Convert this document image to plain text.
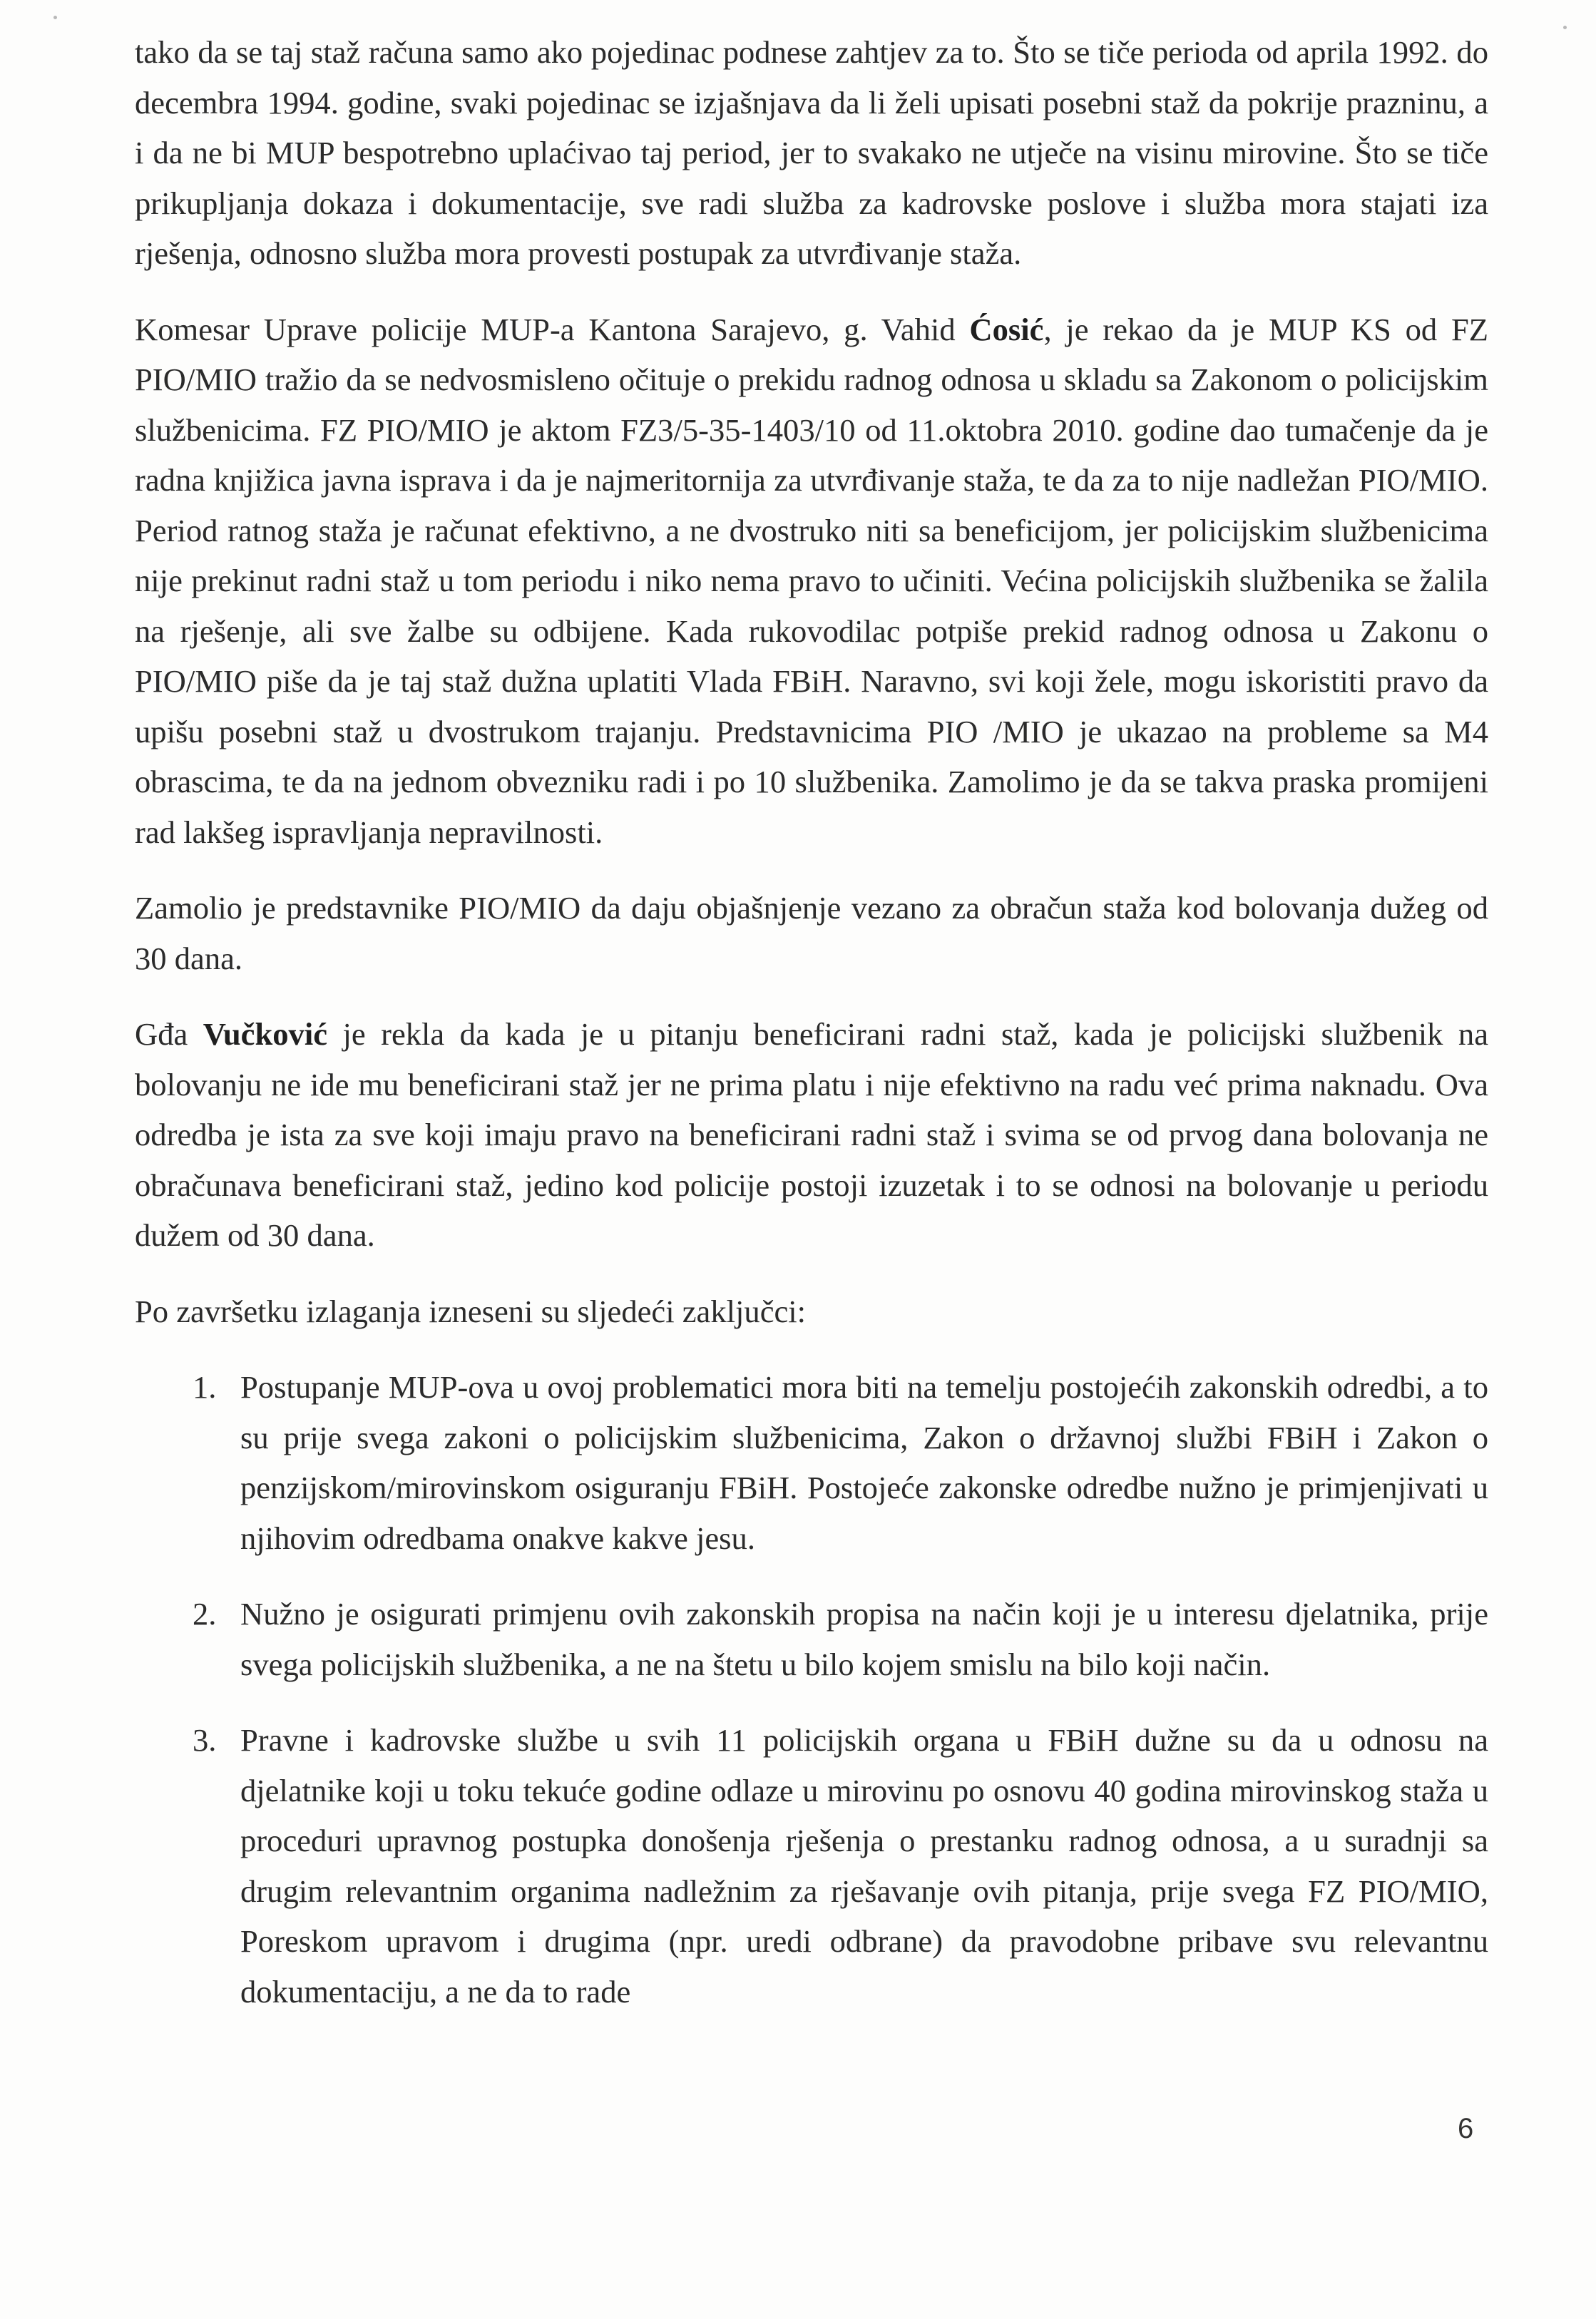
tako da se taj staž računa samo ako pojedinac podnese zahtjev za to. Što se tiče perioda od aprila 1992. do decembra 1994. godine, svaki pojedinac se izjašnjava da li želi upisati posebni staž da pokrije prazninu, a i da ne bi MUP bespotrebno uplaćivao taj period, jer to svakako ne utječe na visinu mirovine. Što se tiče prikupljanja dokaza i dokumentacije, sve radi služba za kadrovske poslove i služba mora stajati iza rješenja, odnosno služba mora provesti postupak za utvrđivanje staža.

Komesar Uprave policije MUP-a Kantona Sarajevo, g. Vahid Ćosić, je rekao da je MUP KS od FZ PIO/MIO tražio da se nedvosmisleno očituje o prekidu radnog odnosa u skladu sa Zakonom o policijskim službenicima. FZ PIO/MIO je aktom FZ3/5-35-1403/10 od 11.oktobra 2010. godine dao tumačenje da je radna knjižica javna isprava i da je najmeritornija za utvrđivanje staža, te da za to nije nadležan PIO/MIO. Period ratnog staža je računat efektivno, a ne dvostruko niti sa beneficijom, jer policijskim službenicima nije prekinut radni staž u tom periodu i niko nema pravo to učiniti. Većina policijskih službenika se žalila na rješenje, ali sve žalbe su odbijene. Kada rukovodilac potpiše prekid radnog odnosa u Zakonu o PIO/MIO piše da je taj staž dužna uplatiti Vlada FBiH. Naravno, svi koji žele, mogu iskoristiti pravo da upišu posebni staž u dvostrukom trajanju. Predstavnicima PIO /MIO je ukazao na probleme sa M4 obrascima, te da na jednom obvezniku radi i po 10 službenika. Zamolimo je da se takva praska promijeni rad lakšeg ispravljanja nepravilnosti.

Zamolio je predstavnike PIO/MIO da daju objašnjenje vezano za obračun staža kod bolovanja dužeg od 30 dana.

Gđa Vučković je rekla da kada je u pitanju beneficirani radni staž, kada je policijski službenik na bolovanju ne ide mu beneficirani staž jer ne prima platu i nije efektivno na radu već prima naknadu. Ova odredba je ista za sve koji imaju pravo na beneficirani radni staž i svima se od prvog dana bolovanja ne obračunava beneficirani staž, jedino kod policije postoji izuzetak i to se odnosi na bolovanje u periodu dužem od 30 dana.

Po završetku izlaganja izneseni su sljedeći zaključci:

1. Postupanje MUP-ova u ovoj problematici mora biti na temelju postojećih zakonskih odredbi, a to su prije svega zakoni o policijskim službenicima, Zakon o državnoj službi FBiH i Zakon o penzijskom/mirovinskom osiguranju FBiH. Postojeće zakonske odredbe nužno je primjenjivati u njihovim odredbama onakve kakve jesu.
2. Nužno je osigurati primjenu ovih zakonskih propisa na način koji je u interesu djelatnika, prije svega policijskih službenika, a ne na štetu u bilo kojem smislu na bilo koji način.
3. Pravne i kadrovske službe u svih 11 policijskih organa u FBiH dužne su da u odnosu na djelatnike koji u toku tekuće godine odlaze u mirovinu po osnovu 40 godina mirovinskog staža u proceduri upravnog postupka donošenja rješenja o prestanku radnog odnosa, a u suradnji sa drugim relevantnim organima nadležnim za rješavanje ovih pitanja, prije svega FZ PIO/MIO, Poreskom upravom i drugima (npr. uredi odbrane) da pravodobne pribave svu relevantnu dokumentaciju, a ne da to rade
6
